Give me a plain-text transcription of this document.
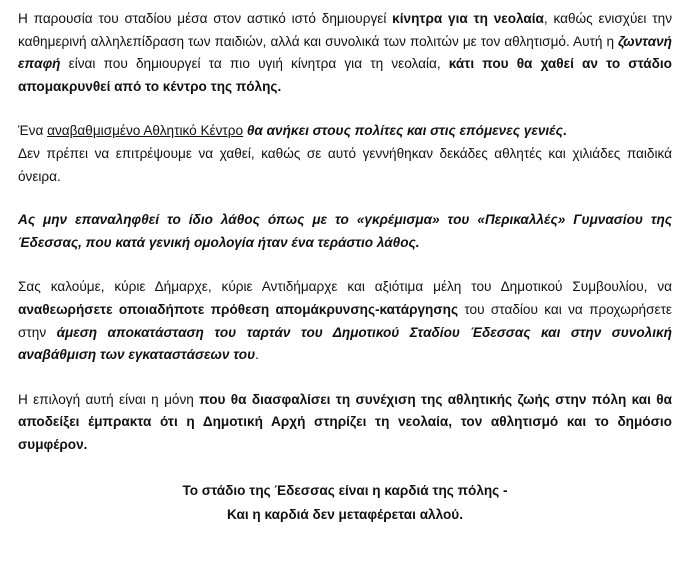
Η παρουσία του σταδίου μέσα στον αστικό ιστό δημιουργεί κίνητρα για τη νεολαία, καθώς ενισχύει την καθημερινή αλληλεπίδραση των παιδιών, αλλά και συνολικά των πολιτών με τον αθλητισμό. Αυτή η ζωντανή επαφή είναι που δημιουργεί τα πιο υγιή κίνητρα για τη νεολαία, κάτι που θα χαθεί αν το στάδιο απομακρυνθεί από το κέντρο της πόλης.

Ένα αναβαθμισμένο Αθλητικό Κέντρο θα ανήκει στους πολίτες και στις επόμενες γενιές.
Δεν πρέπει να επιτρέψουμε να χαθεί, καθώς σε αυτό γεννήθηκαν δεκάδες αθλητές και χιλιάδες παιδικά όνειρα.

Ας μην επαναληφθεί το ίδιο λάθος όπως με το «γκρέμισμα» του «Περικαλλές» Γυμνασίου της Έδεσσας, που κατά γενική ομολογία ήταν ένα τεράστιο λάθος.

Σας καλούμε, κύριε Δήμαρχε, κύριε Αντιδήμαρχε και αξιότιμα μέλη του Δημοτικού Συμβουλίου, να αναθεωρήσετε οποιαδήποτε πρόθεση απομάκρυνσης-κατάργησης του σταδίου και να προχωρήσετε στην άμεση αποκατάσταση του ταρτάν του Δημοτικού Σταδίου Έδεσσας και στην συνολική αναβάθμιση των εγκαταστάσεων του.

Η επιλογή αυτή είναι η μόνη που θα διασφαλίσει τη συνέχιση της αθλητικής ζωής στην πόλη και θα αποδείξει έμπρακτα ότι η Δημοτική Αρχή στηρίζει τη νεολαία, τον αθλητισμό και το δημόσιο συμφέρον.

Το στάδιο της Έδεσσας είναι η καρδιά της πόλης -
Και η καρδιά δεν μεταφέρεται αλλού.
